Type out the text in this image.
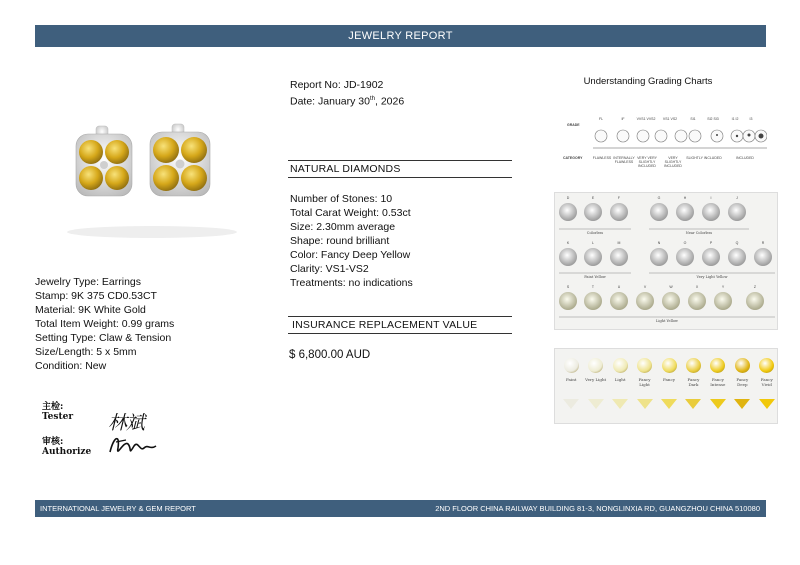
JEWELRY REPORT
Report No: JD-1902
Date: January 30th, 2026
NATURAL DIAMONDS
Number of Stones: 10
Total Carat Weight: 0.53ct
Size: 2.30mm average
Shape: round brilliant
Color: Fancy Deep Yellow
Clarity: VS1-VS2
Treatments: no indications
INSURANCE REPLACEMENT VALUE
$ 6,800.00 AUD
Jewelry Type: Earrings
Stamp: 9K 375 CD0.53CT
Material: 9K White Gold
Total Item Weight: 0.99 grams
Setting Type: Claw & Tension
Size/Length: 5 x 5mm
Condition: New
主检:
Tester 林斌
审核:
Authorize
Understanding Grading Charts
GRADE
CATEGORY
FL	IF	VVS1 VVS2	VS1 VS2	SI1	SI2 SI3	I1 I2	I3
FLAWLESS INTERNALLY FLAWLESS
VERY VERY SLIGHTLY INCLUDED
VERY SLIGHTLY INCLUDED
SLIGHTLY INCLUDED	INCLUDED
D	E	F	G	H	I	J
K	L	M	N	O	P	Q	R
S	T	U	V	W	X	Y	Z
Colorless	Near Colorless
Faint Yellow	Very Light Yellow
Light Yellow
Faint	Very Light	Light	Fancy Light
Fancy	Fancy Dark
Fancy Intense
Fancy Deep
Fancy Vivid
INTERNATIONAL JEWELRY & GEM REPORT	2ND FLOOR CHINA RAILWAY BUILDING 81-3, NONGLINXIA RD, GUANGZHOU CHINA 510080
